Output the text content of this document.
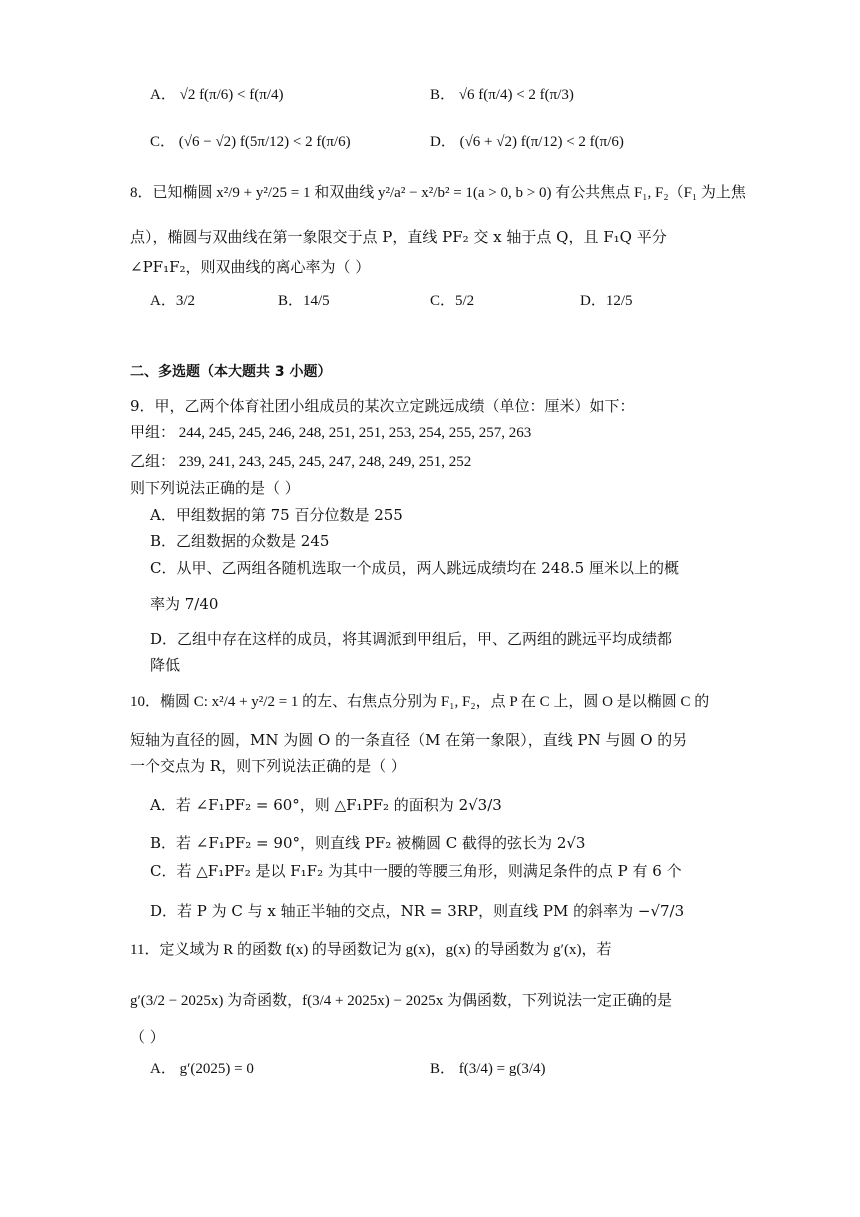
A． √2 f(π/6) < f(π/4)	B． √6 f(π/4) < 2 f(π/3)
C． (√6 − √2) f(5π/12) < 2 f(π/6)	D． (√6 + √2) f(π/12) < 2 f(π/6)
8．已知椭圆 x²/9 + y²/25 = 1 和双曲线 y²/a² − x²/b² = 1(a > 0, b > 0) 有公共焦点 F₁, F₂（F₁ 为上焦
点），椭圆与双曲线在第一象限交于点 P，直线 PF₂ 交 x 轴于点 Q，且 F₁Q 平分
∠PF₁F₂，则双曲线的离心率为（ ）
A．3/2	B．14/5	C．5/2	D．12/5
二、多选题（本大题共 3 小题）
9．甲，乙两个体育社团小组成员的某次立定跳远成绩（单位：厘米）如下：
甲组： 244, 245, 245, 246, 248, 251, 251, 253, 254, 255, 257, 263
乙组： 239, 241, 243, 245, 245, 247, 248, 249, 251, 252
则下列说法正确的是（ ）
A．甲组数据的第 75 百分位数是 255
B．乙组数据的众数是 245
C．从甲、乙两组各随机选取一个成员，两人跳远成绩均在 248.5 厘米以上的概
率为 7/40
D．乙组中存在这样的成员，将其调派到甲组后，甲、乙两组的跳远平均成绩都
降低
10．椭圆 C: x²/4 + y²/2 = 1 的左、右焦点分别为 F₁, F₂，点 P 在 C 上，圆 O 是以椭圆 C 的
短轴为直径的圆，MN 为圆 O 的一条直径（M 在第一象限），直线 PN 与圆 O 的另
一个交点为 R，则下列说法正确的是（ ）
A．若 ∠F₁PF₂ = 60°，则 △F₁PF₂ 的面积为 2√3/3
B．若 ∠F₁PF₂ = 90°，则直线 PF₂ 被椭圆 C 截得的弦长为 2√3
C．若 △F₁PF₂ 是以 F₁F₂ 为其中一腰的等腰三角形，则满足条件的点 P 有 6 个
D．若 P 为 C 与 x 轴正半轴的交点，NR = 3RP，则直线 PM 的斜率为 −√7/3
11．定义域为 R 的函数 f(x) 的导函数记为 g(x)，g(x) 的导函数为 g′(x)，若
g′(3/2 − 2025x) 为奇函数，f(3/4 + 2025x) − 2025x 为偶函数，下列说法一定正确的是
（ ）
A． g′(2025) = 0	B． f(3/4) = g(3/4)
